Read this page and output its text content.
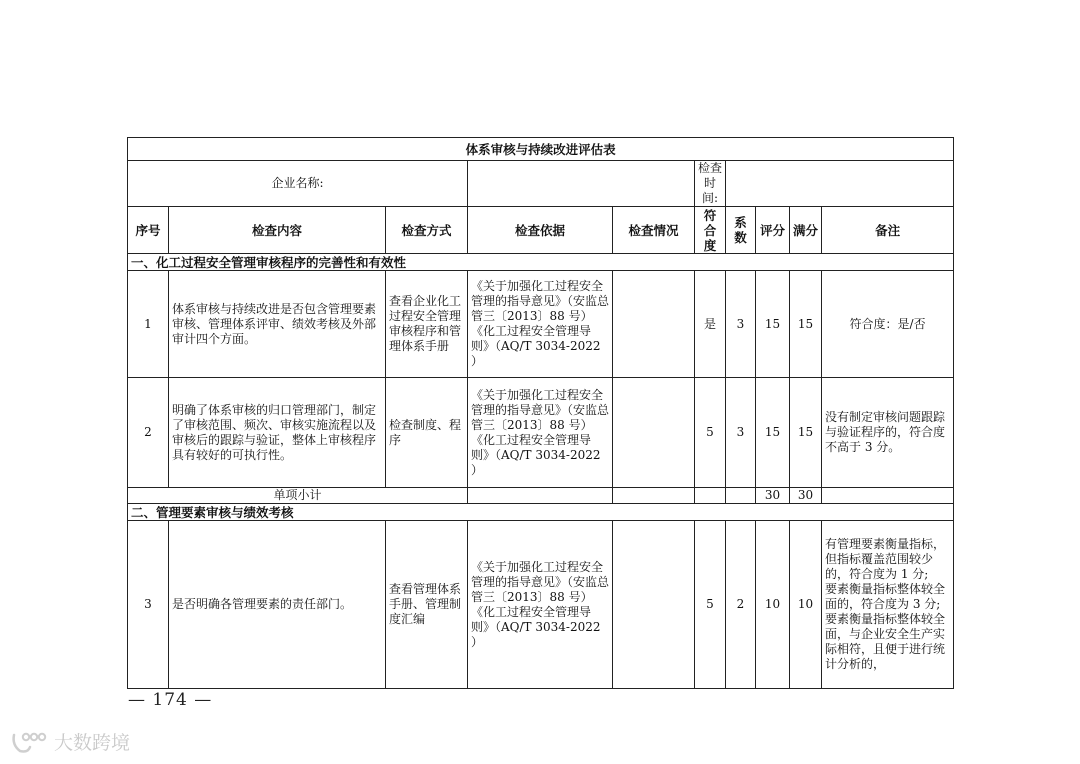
体系审核与持续改进评估表									
企业名称:					检查时间:				
序号	检查内容	检查方式	检查依据	检查情况	符合度	系数	评分	满分	备注
一、化工过程安全管理审核程序的完善性和有效性									
1	体系审核与持续改进是否包含管理要素审核、管理体系评审、绩效考核及外部审计四个方面。	查看企业化工过程安全管理审核程序和管理体系手册	《关于加强化工过程安全管理的指导意见》（安监总管三〔2013〕88 号）
《化工过程安全管理导则》（AQ/T 3034-2022 ）		是	3	15	15	符合度：是/否
2	明确了体系审核的归口管理部门，制定了审核范围、频次、审核实施流程以及审核后的跟踪与验证，整体上审核程序具有较好的可执行性。	检查制度、程序	《关于加强化工过程安全管理的指导意见》（安监总管三〔2013〕88 号）
《化工过程安全管理导则》（AQ/T 3034-2022 ）		5	3	15	15	没有制定审核问题跟踪与验证程序的，符合度不高于 3 分。
单项小计							30	30	
二、管理要素审核与绩效考核									
3	是否明确各管理要素的责任部门。	查看管理体系手册、管理制度汇编	《关于加强化工过程安全管理的指导意见》（安监总管三〔2013〕88 号）
《化工过程安全管理导则》（AQ/T 3034-2022 ）		5	2	10	10	有管理要素衡量指标，但指标覆盖范围较少的，符合度为 1 分;
要素衡量指标整体较全面的，符合度为 3 分;
要素衡量指标整体较全面，与企业安全生产实际相符，且便于进行统计分析的，
— 174 —
大数跨境
